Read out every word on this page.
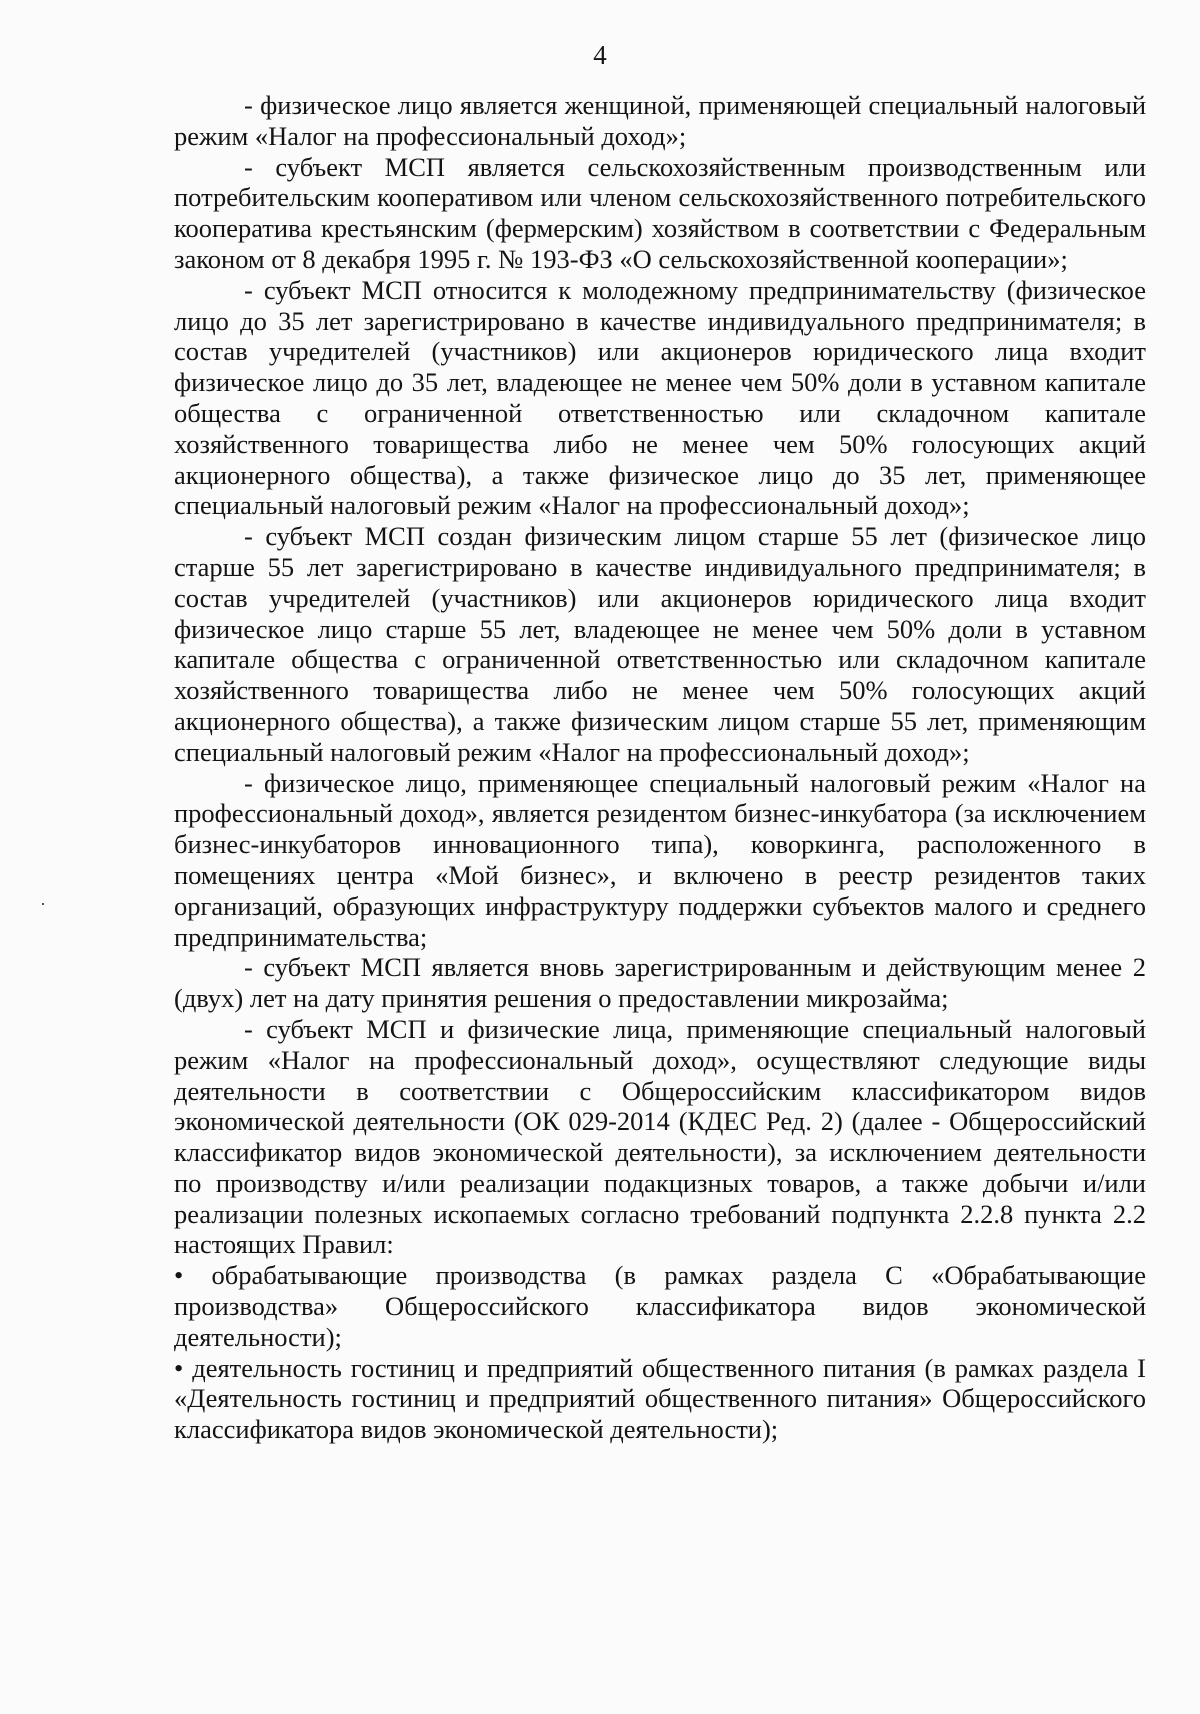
4

- физическое лицо является женщиной, применяющей специальный налоговый режим «Налог на профессиональный доход»;

- субъект МСП является сельскохозяйственным производственным или потребительским кооперативом или членом сельскохозяйственного потребительского кооператива крестьянским (фермерским) хозяйством в соответствии с Федеральным законом от 8 декабря 1995 г. № 193-ФЗ «О сельскохозяйственной кооперации»;

- субъект МСП относится к молодежному предпринимательству (физическое лицо до 35 лет зарегистрировано в качестве индивидуального предпринимателя; в состав учредителей (участников) или акционеров юридического лица входит физическое лицо до 35 лет, владеющее не менее чем 50% доли в уставном капитале общества с ограниченной ответственностью или складочном капитале хозяйственного товарищества либо не менее чем 50% голосующих акций акционерного общества), а также физическое лицо до 35 лет, применяющее специальный налоговый режим «Налог на профессиональный доход»;

- субъект МСП создан физическим лицом старше 55 лет (физическое лицо старше 55 лет зарегистрировано в качестве индивидуального предпринимателя; в состав учредителей (участников) или акционеров юридического лица входит физическое лицо старше 55 лет, владеющее не менее чем 50% доли в уставном капитале общества с ограниченной ответственностью или складочном капитале хозяйственного товарищества либо не менее чем 50% голосующих акций акционерного общества), а также физическим лицом старше 55 лет, применяющим специальный налоговый режим «Налог на профессиональный доход»;

- физическое лицо, применяющее специальный налоговый режим «Налог на профессиональный доход», является резидентом бизнес-инкубатора (за исключением бизнес-инкубаторов инновационного типа), коворкинга, расположенного в помещениях центра «Мой бизнес», и включено в реестр резидентов таких организаций, образующих инфраструктуру поддержки субъектов малого и среднего предпринимательства;

- субъект МСП является вновь зарегистрированным и действующим менее 2 (двух) лет на дату принятия решения о предоставлении микрозайма;

- субъект МСП и физические лица, применяющие специальный налоговый режим «Налог на профессиональный доход», осуществляют следующие виды деятельности в соответствии с Общероссийским классификатором видов экономической деятельности (ОК 029-2014 (КДЕС Ред. 2) (далее - Общероссийский классификатор видов экономической деятельности), за исключением деятельности по производству и/или реализации подакцизных товаров, а также добычи и/или реализации полезных ископаемых согласно требований подпункта 2.2.8 пункта 2.2 настоящих Правил:

• обрабатывающие производства (в рамках раздела C «Обрабатывающие производства» Общероссийского классификатора видов экономической деятельности);

• деятельность гостиниц и предприятий общественного питания (в рамках раздела I «Деятельность гостиниц и предприятий общественного питания» Общероссийского классификатора видов экономической деятельности);
